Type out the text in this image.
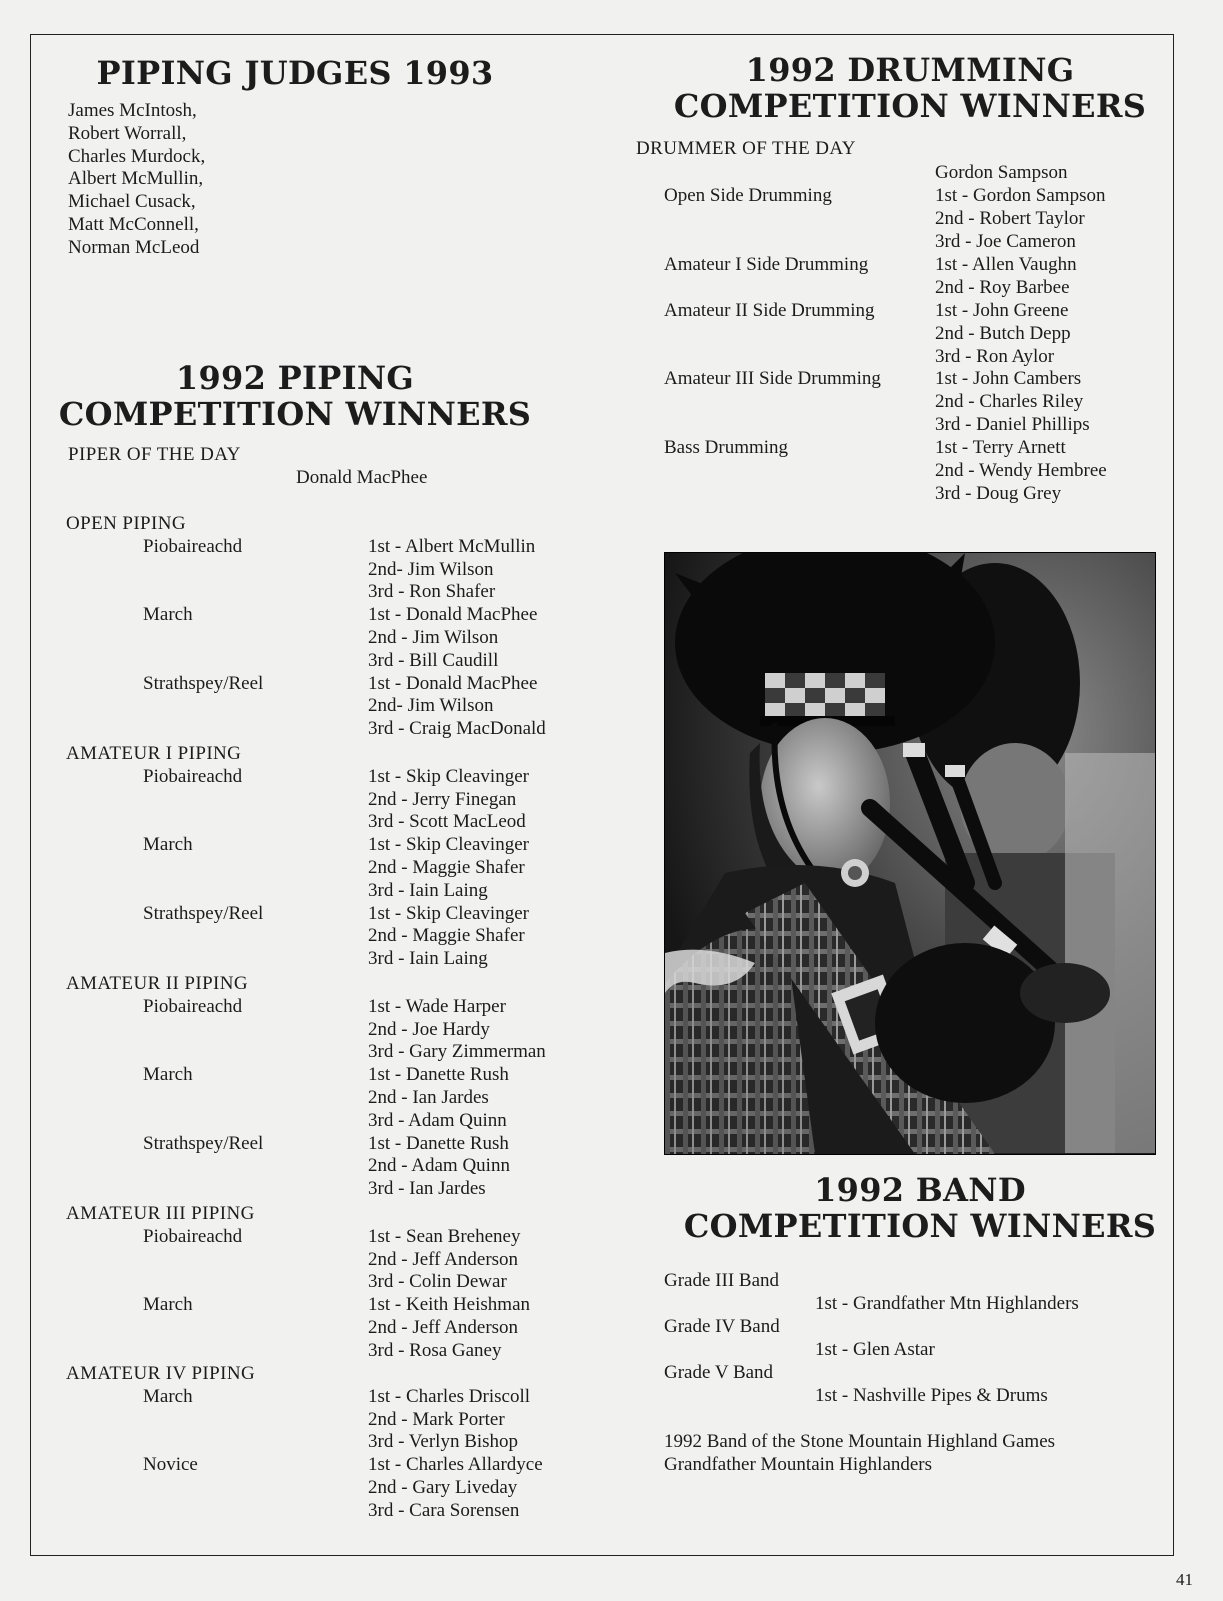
PIPING JUDGES 1993
James McIntosh,
Robert Worrall,
Charles Murdock,
Albert McMullin,
Michael Cusack,
Matt McConnell,
Norman McLeod
1992 PIPING
COMPETITION WINNERS
PIPER OF THE DAY
Donald MacPhee
OPEN PIPING
Piobaireachd	1st - Albert McMullin
2nd- Jim Wilson
3rd - Ron Shafer
March	1st - Donald MacPhee
2nd - Jim Wilson
3rd - Bill Caudill
Strathspey/Reel	1st - Donald MacPhee
2nd- Jim Wilson
3rd - Craig MacDonald
AMATEUR I PIPING
Piobaireachd	1st - Skip Cleavinger
2nd - Jerry Finegan
3rd - Scott MacLeod
March	1st - Skip Cleavinger
2nd - Maggie Shafer
3rd - Iain Laing
Strathspey/Reel	1st - Skip Cleavinger
2nd - Maggie Shafer
3rd - Iain Laing
AMATEUR II PIPING
Piobaireachd	1st - Wade Harper
2nd - Joe Hardy
3rd - Gary Zimmerman
March	1st - Danette Rush
2nd - Ian Jardes
3rd - Adam Quinn
Strathspey/Reel	1st - Danette Rush
2nd - Adam Quinn
3rd - Ian Jardes
AMATEUR III PIPING
Piobaireachd	1st - Sean Breheney
2nd - Jeff Anderson
3rd - Colin Dewar
March	1st - Keith Heishman
2nd - Jeff Anderson
3rd - Rosa Ganey
AMATEUR IV PIPING
March	1st - Charles Driscoll
2nd - Mark Porter
3rd - Verlyn Bishop
Novice	1st - Charles Allardyce
2nd - Gary Liveday
3rd - Cara Sorensen
1992 DRUMMING
COMPETITION WINNERS
DRUMMER OF THE DAY
Gordon Sampson
Open Side Drumming	1st - Gordon Sampson
2nd - Robert Taylor
3rd - Joe Cameron
Amateur I Side Drumming	1st - Allen Vaughn
2nd - Roy Barbee
Amateur II Side Drumming	1st - John Greene
2nd - Butch Depp
3rd - Ron Aylor
Amateur III Side Drumming	1st - John Cambers
2nd - Charles Riley
3rd - Daniel Phillips
Bass Drumming	1st - Terry Arnett
2nd - Wendy Hembree
3rd - Doug Grey
1992 BAND
COMPETITION WINNERS
Grade III Band
1st - Grandfather Mtn Highlanders
Grade IV Band
1st - Glen Astar
Grade V Band
1st - Nashville Pipes & Drums
1992 Band of the Stone Mountain Highland Games
Grandfather Mountain Highlanders
41
